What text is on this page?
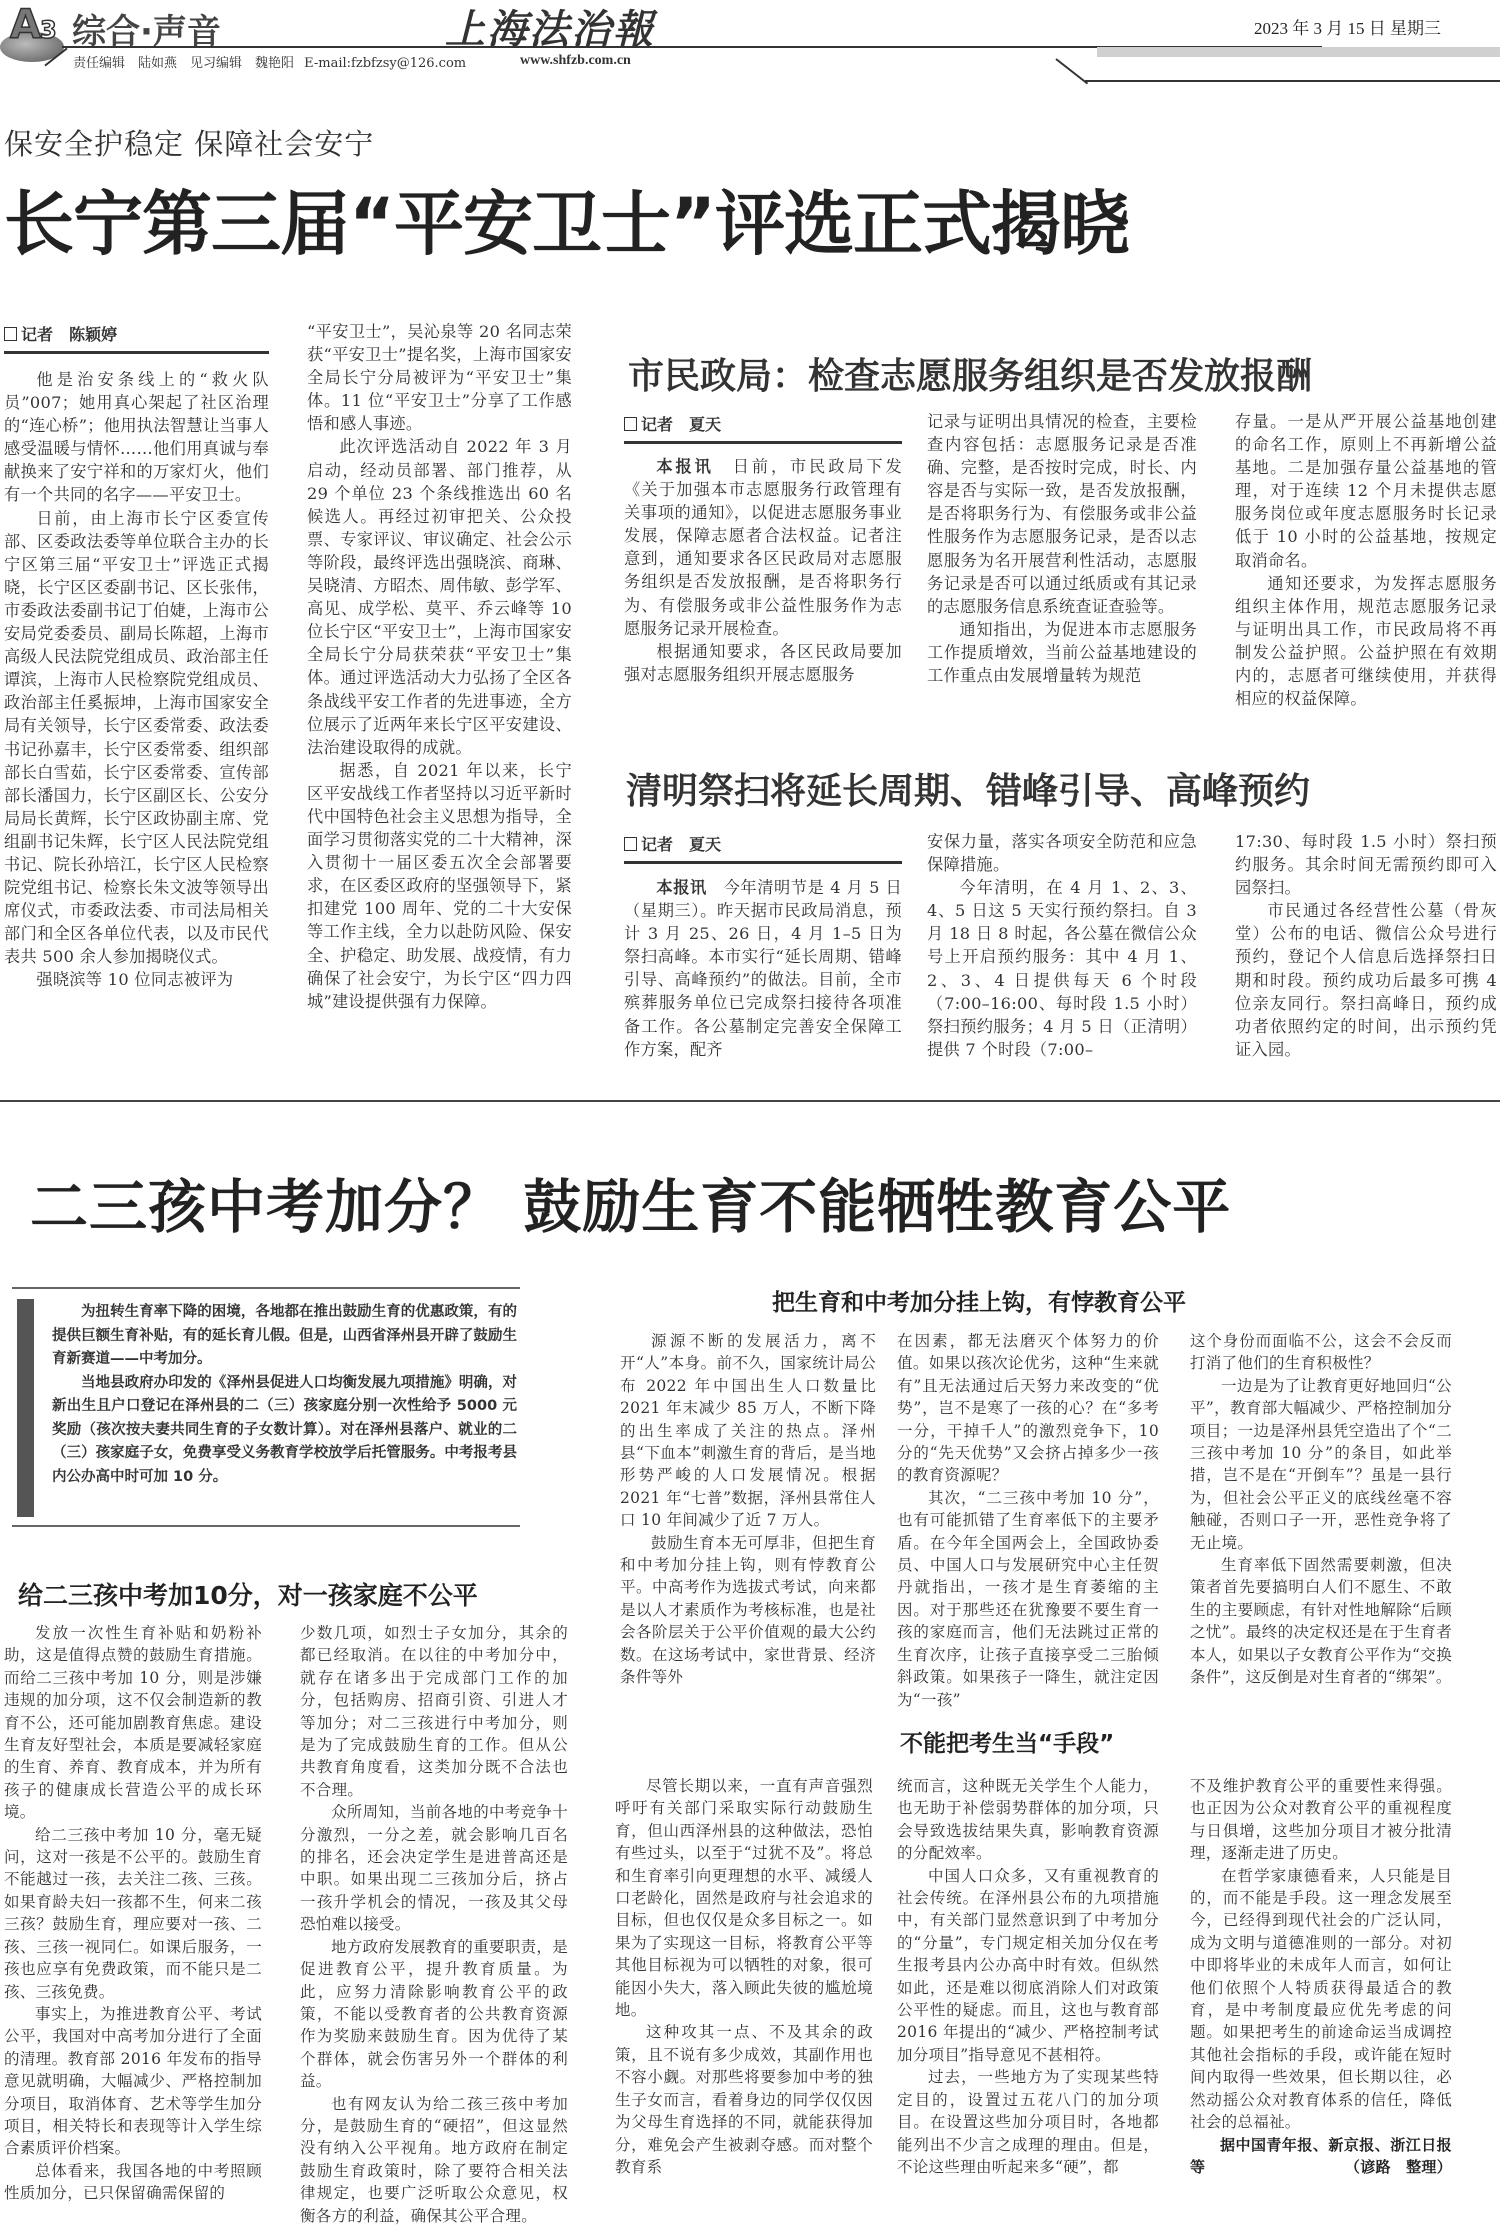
A 3 综合·声音
责任编辑　陆如燕　见习编辑　魏艳阳 E-mail:fzbfzsy@126.com
上海法治報
www.shfzb.com.cn
2023 年 3 月 15 日 星期三
保安全护稳定 保障社会安宁
长宁第三届“平安卫士”评选正式揭晓
记者　陈颖婷

他是治安条线上的“救火队员”007；她用真心架起了社区治理的“连心桥”；他用执法智慧让当事人感受温暖与情怀……他们用真诚与奉献换来了安宁祥和的万家灯火，他们有一个共同的名字——平安卫士。

日前，由上海市长宁区委宣传部、区委政法委等单位联合主办的长宁区第三届“平安卫士”评选正式揭晓，长宁区区委副书记、区长张伟，市委政法委副书记丁伯婕，上海市公安局党委委员、副局长陈超，上海市高级人民法院党组成员、政治部主任谭滨，上海市人民检察院党组成员、政治部主任奚振坤，上海市国家安全局有关领导，长宁区委常委、政法委书记孙嘉丰，长宁区委常委、组织部部长白雪茹，长宁区委常委、宣传部部长潘国力，长宁区副区长、公安分局局长黄辉，长宁区政协副主席、党组副书记朱辉，长宁区人民法院党组书记、院长孙培江，长宁区人民检察院党组书记、检察长朱文波等领导出席仪式，市委政法委、市司法局相关部门和全区各单位代表，以及市民代表共 500 余人参加揭晓仪式。

强晓滨等 10 位同志被评为

“平安卫士”，吴沁泉等 20 名同志荣获“平安卫士”提名奖，上海市国家安全局长宁分局被评为“平安卫士”集体。11 位“平安卫士”分享了工作感悟和感人事迹。

此次评选活动自 2022 年 3 月启动，经动员部署、部门推荐，从 29 个单位 23 个条线推选出 60 名候选人。再经过初审把关、公众投票、专家评议、审议确定、社会公示等阶段，最终评选出强晓滨、商琳、吴晓清、方昭杰、周伟敏、彭学军、高见、成学松、莫平、乔云峰等 10 位长宁区“平安卫士”，上海市国家安全局长宁分局获荣获“平安卫士”集体。通过评选活动大力弘扬了全区各条战线平安工作者的先进事迹，全方位展示了近两年来长宁区平安建设、法治建设取得的成就。

据悉，自 2021 年以来，长宁区平安战线工作者坚持以习近平新时代中国特色社会主义思想为指导，全面学习贯彻落实党的二十大精神，深入贯彻十一届区委五次全会部署要求，在区委区政府的坚强领导下，紧扣建党 100 周年、党的二十大安保等工作主线，全力以赴防风险、保安全、护稳定、助发展、战疫情，有力确保了社会安宁，为长宁区“四力四城”建设提供强有力保障。

市民政局：检查志愿服务组织是否发放报酬
记者　夏天

本报讯　 日前，市民政局下发《关于加强本市志愿服务行政管理有关事项的通知》，以促进志愿服务事业发展，保障志愿者合法权益。记者注意到，通知要求各区民政局对志愿服务组织是否发放报酬，是否将职务行为、有偿服务或非公益性服务作为志愿服务记录开展检查。

根据通知要求，各区民政局要加强对志愿服务组织开展志愿服务

记录与证明出具情况的检查，主要检查内容包括：志愿服务记录是否准确、完整，是否按时完成，时长、内容是否与实际一致，是否发放报酬，是否将职务行为、有偿服务或非公益性服务作为志愿服务记录，是否以志愿服务为名开展营利性活动，志愿服务记录是否可以通过纸质或有其记录的志愿服务信息系统查证查验等。

通知指出，为促进本市志愿服务工作提质增效，当前公益基地建设的工作重点由发展增量转为规范

存量。一是从严开展公益基地创建的命名工作，原则上不再新增公益基地。二是加强存量公益基地的管理，对于连续 12 个月未提供志愿服务岗位或年度志愿服务时长记录低于 10 小时的公益基地，按规定取消命名。

通知还要求，为发挥志愿服务组织主体作用，规范志愿服务记录与证明出具工作，市民政局将不再制发公益护照。公益护照在有效期内的，志愿者可继续使用，并获得相应的权益保障。

清明祭扫将延长周期、错峰引导、高峰预约
记者　夏天

本报讯　 今年清明节是 4 月 5 日（星期三）。昨天据市民政局消息，预计 3 月 25、26 日，4 月 1–5 日为祭扫高峰。本市实行“延长周期、错峰引导、高峰预约”的做法。目前，全市殡葬服务单位已完成祭扫接待各项准备工作。各公墓制定完善安全保障工作方案，配齐

安保力量，落实各项安全防范和应急保障措施。

今年清明，在 4 月 1、2、3、4、5 日这 5 天实行预约祭扫。自 3 月 18 日 8 时起，各公墓在微信公众号上开启预约服务：其中 4 月 1、2、3、4 日提供每天 6 个时段（7:00–16:00、每时段 1.5 小时）祭扫预约服务；4 月 5 日（正清明）提供 7 个时段（7:00–

17:30、每时段 1.5 小时）祭扫预约服务。其余时间无需预约即可入园祭扫。

市民通过各经营性公墓（骨灰堂）公布的电话、微信公众号进行预约，登记个人信息后选择祭扫日期和时段。预约成功后最多可携 4 位亲友同行。祭扫高峰日，预约成功者依照约定的时间，出示预约凭证入园。

二三孩中考加分？ 鼓励生育不能牺牲教育公平

为扭转生育率下降的困境，各地都在推出鼓励生育的优惠政策，有的提供巨额生育补贴，有的延长育儿假。但是，山西省泽州县开辟了鼓励生育新赛道——中考加分。

当地县政府办印发的《泽州县促进人口均衡发展九项措施》明确，对新出生且户口登记在泽州县的二（三）孩家庭分别一次性给予 5000 元奖励（孩次按夫妻共同生育的子女数计算）。对在泽州县落户、就业的二（三）孩家庭子女，免费享受义务教育学校放学后托管服务。中考报考县内公办高中时可加 10 分。

给二三孩中考加10分，对一孩家庭不公平

发放一次性生育补贴和奶粉补助，这是值得点赞的鼓励生育措施。而给二三孩中考加 10 分，则是涉嫌违规的加分项，这不仅会制造新的教育不公，还可能加剧教育焦虑。建设生育友好型社会，本质是要减轻家庭的生育、养育、教育成本，并为所有孩子的健康成长营造公平的成长环境。

给二三孩中考加 10 分，毫无疑问，这对一孩是不公平的。鼓励生育不能越过一孩，去关注二孩、三孩。如果育龄夫妇一孩都不生，何来二孩三孩？鼓励生育，理应要对一孩、二孩、三孩一视同仁。如课后服务，一孩也应享有免费政策，而不能只是二孩、三孩免费。

事实上，为推进教育公平、考试公平，我国对中高考加分进行了全面的清理。教育部 2016 年发布的指导意见就明确，大幅减少、严格控制加分项目，取消体育、艺术等学生加分项目，相关特长和表现等计入学生综合素质评价档案。

总体看来，我国各地的中考照顾性质加分，已只保留确需保留的

少数几项，如烈士子女加分，其余的都已经取消。在以往的中考加分中，就存在诸多出于完成部门工作的加分，包括购房、招商引资、引进人才等加分；对二三孩进行中考加分，则是为了完成鼓励生育的工作。但从公共教育角度看，这类加分既不合法也不合理。

众所周知，当前各地的中考竞争十分激烈，一分之差，就会影响几百名的排名，还会决定学生是进普高还是中职。如果出现二三孩加分后，挤占一孩升学机会的情况，一孩及其父母恐怕难以接受。

地方政府发展教育的重要职责，是促进教育公平，提升教育质量。为此，应努力清除影响教育公平的政策，不能以受教育者的公共教育资源作为奖励来鼓励生育。因为优待了某个群体，就会伤害另外一个群体的利益。

也有网友认为给二孩三孩中考加分，是鼓励生育的“硬招”，但这显然没有纳入公平视角。地方政府在制定鼓励生育政策时，除了要符合相关法律规定，也要广泛听取公众意见，权衡各方的利益，确保其公平合理。

把生育和中考加分挂上钩，有悖教育公平

源源不断的发展活力，离不开“人”本身。前不久，国家统计局公布 2022 年中国出生人口数量比 2021 年末减少 85 万人，不断下降的出生率成了关注的热点。泽州县“下血本”刺激生育的背后，是当地形势严峻的人口发展情况。根据 2021 年“七普”数据，泽州县常住人口 10 年间减少了近 7 万人。

鼓励生育本无可厚非，但把生育和中考加分挂上钩，则有悖教育公平。中高考作为选拔式考试，向来都是以人才素质作为考核标准，也是社会各阶层关于公平价值观的最大公约数。在这场考试中，家世背景、经济条件等外

在因素，都无法磨灭个体努力的价值。如果以孩次论优劣，这种“生来就有”且无法通过后天努力来改变的“优势”，岂不是寒了一孩的心？在“多考一分，干掉千人”的激烈竞争下，10 分的“先天优势”又会挤占掉多少一孩的教育资源呢？

其次，“二三孩中考加 10 分”，也有可能抓错了生育率低下的主要矛盾。在今年全国两会上，全国政协委员、中国人口与发展研究中心主任贺丹就指出，一孩才是生育萎缩的主因。对于那些还在犹豫要不要生育一孩的家庭而言，他们无法跳过正常的生育次序，让孩子直接享受二三胎倾斜政策。如果孩子一降生，就注定因为“一孩”

这个身份而面临不公，这会不会反而打消了他们的生育积极性？

一边是为了让教育更好地回归“公平”，教育部大幅减少、严格控制加分项目；一边是泽州县凭空造出了个“二三孩中考加 10 分”的条目，如此举措，岂不是在“开倒车”？虽是一县行为，但社会公平正义的底线丝毫不容触碰，否则口子一开，恶性竞争将了无止境。

生育率低下固然需要刺激，但决策者首先要搞明白人们不愿生、不敢生的主要顾虑，有针对性地解除“后顾之忧”。最终的决定权还是在于生育者本人，如果以子女教育公平作为“交换条件”，这反倒是对生育者的“绑架”。

不能把考生当“手段”

尽管长期以来，一直有声音强烈呼吁有关部门采取实际行动鼓励生育，但山西泽州县的这种做法，恐怕有些过头，以至于“过犹不及”。将总和生育率引向更理想的水平、减缓人口老龄化，固然是政府与社会追求的目标，但也仅仅是众多目标之一。如果为了实现这一目标，将教育公平等其他目标视为可以牺牲的对象，很可能因小失大，落入顾此失彼的尴尬境地。

这种攻其一点、不及其余的政策，且不说有多少成效，其副作用也不容小觑。对那些将要参加中考的独生子女而言，看着身边的同学仅仅因为父母生育选择的不同，就能获得加分，难免会产生被剥夺感。而对整个教育系

统而言，这种既无关学生个人能力，也无助于补偿弱势群体的加分项，只会导致选拔结果失真，影响教育资源的分配效率。

中国人口众多，又有重视教育的社会传统。在泽州县公布的九项措施中，有关部门显然意识到了中考加分的“分量”，专门规定相关加分仅在考生报考县内公办高中时有效。但纵然如此，还是难以彻底消除人们对政策公平性的疑虑。而且，这也与教育部 2016 年提出的“减少、严格控制考试加分项目”指导意见不甚相符。

过去，一些地方为了实现某些特定目的，设置过五花八门的加分项目。在设置这些加分项目时，各地都能列出不少言之成理的理由。但是，不论这些理由听起来多“硬”，都

不及维护教育公平的重要性来得强。也正因为公众对教育公平的重视程度与日俱增，这些加分项目才被分批清理，逐渐走进了历史。

在哲学家康德看来，人只能是目的，而不能是手段。这一理念发展至今，已经得到现代社会的广泛认同，成为文明与道德准则的一部分。对初中即将毕业的未成年人而言，如何让他们依照个人特质获得最适合的教育，是中考制度最应优先考虑的问题。如果把考生的前途命运当成调控其他社会指标的手段，或许能在短时间内取得一些效果，但长期以往，必然动摇公众对教育体系的信任，降低社会的总福祉。

据中国青年报、新京报、浙江日报等	（谚路　整理）
